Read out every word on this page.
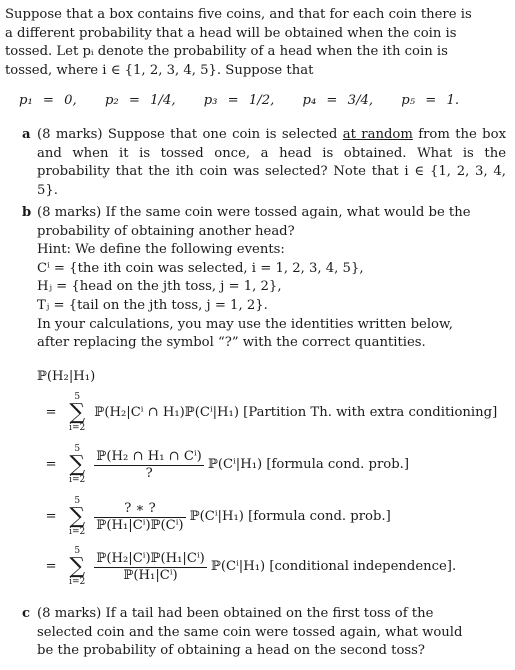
Suppose that a box contains five coins, and that for each coin there is

a different probability that a head will be obtained when the coin is

tossed. Let pᵢ denote the probability of a head when the ith coin is

tossed, where i ∈ {1, 2, 3, 4, 5}. Suppose that

p₁ = 0, p₂ = 1/4, p₃ = 1/2, p₄ = 3/4, p₅ = 1.
a (8 marks) Suppose that one coin is selected at random from the box and when it is tossed once, a head is obtained. What is the probability that the ith coin was selected? Note that i ∈ {1, 2, 3, 4, 5}.

b (8 marks) If the same coin were tossed again, what would be the

probability of obtaining another head?

Hint: We define the following events:

Cⁱ = {the ith coin was selected, i = 1, 2, 3, 4, 5},

Hⱼ = {head on the jth toss, j = 1, 2},

Tⱼ = {tail on the jth toss, j = 1, 2}.

In your calculations, you may use the identities written below,

after replacing the symbol “?” with the correct quantities.

ℙ(H₂|H₁)
=
5
∑
i=2
ℙ(H₂|Cⁱ ∩ H₁)ℙ(Cⁱ|H₁) [Partition Th. with extra conditioning]
=
5
∑
i=2
$\frac{\text{ℙ(H₂ ∩ H₁ ∩ Cⁱ)}}{?}$ ℙ(Cⁱ|H₁) [formula cond. prob.]
=
5
∑
i=2
$\frac{? ∗ ?}{\text{ℙ(H₁|Cⁱ)ℙ(Cⁱ)}}$ ℙ(Cⁱ|H₁) [formula cond. prob.]
=
5
∑
i=2
$\frac{\text{ℙ(H₂|Cⁱ)ℙ(H₁|Cⁱ)}}{\text{ℙ(H₁|Cⁱ)}}$ ℙ(Cⁱ|H₁) [conditional independence].
c (8 marks) If a tail had been obtained on the first toss of the

selected coin and the same coin were tossed again, what would

be the probability of obtaining a head on the second toss?
